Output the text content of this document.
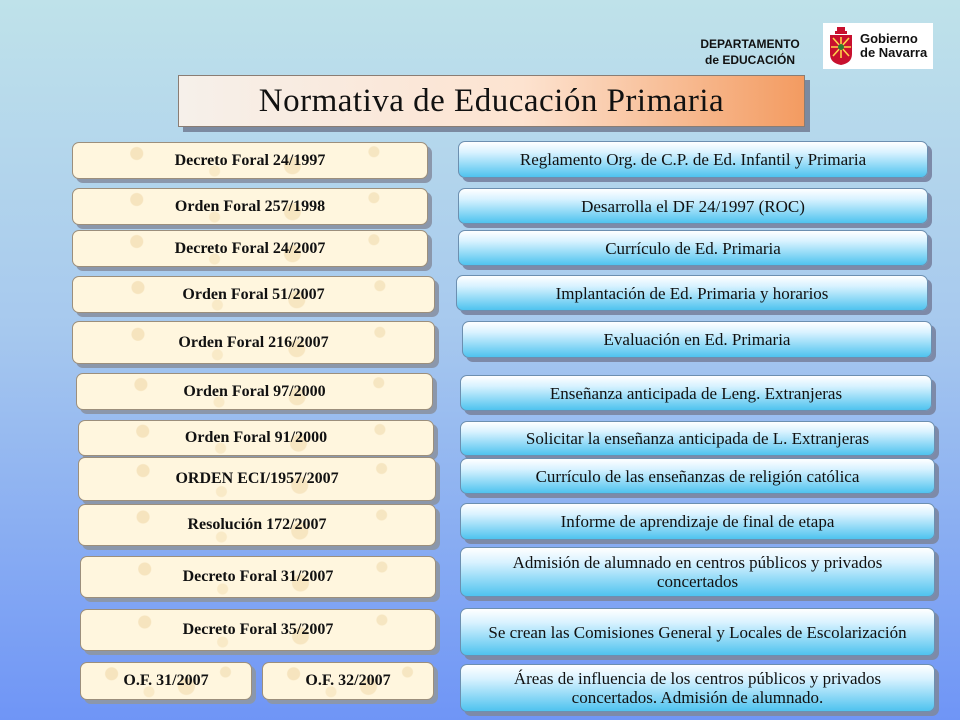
DEPARTAMENTO
de EDUCACIÓN
Gobierno
de Navarra
Normativa de Educación Primaria
Decreto Foral 24/1997
Orden Foral 257/1998
Decreto Foral 24/2007
Orden Foral 51/2007
Orden Foral 216/2007
Orden Foral 97/2000
Orden Foral 91/2000
ORDEN ECI/1957/2007
Resolución 172/2007
Decreto Foral 31/2007
Decreto Foral 35/2007
O.F. 31/2007	O.F. 32/2007
Reglamento Org. de C.P. de Ed. Infantil y Primaria
Desarrolla el DF 24/1997 (ROC)
Currículo de Ed. Primaria
Implantación de Ed. Primaria y horarios
Evaluación en Ed. Primaria
Enseñanza anticipada de Leng. Extranjeras
Solicitar la enseñanza anticipada de L. Extranjeras
Currículo de las enseñanzas de religión católica
Informe de aprendizaje de final de etapa
Admisión de alumnado en centros públicos y privados concertados
Se crean las Comisiones General y Locales de Escolarización
Áreas de influencia de los centros públicos y privados concertados. Admisión de alumnado.
